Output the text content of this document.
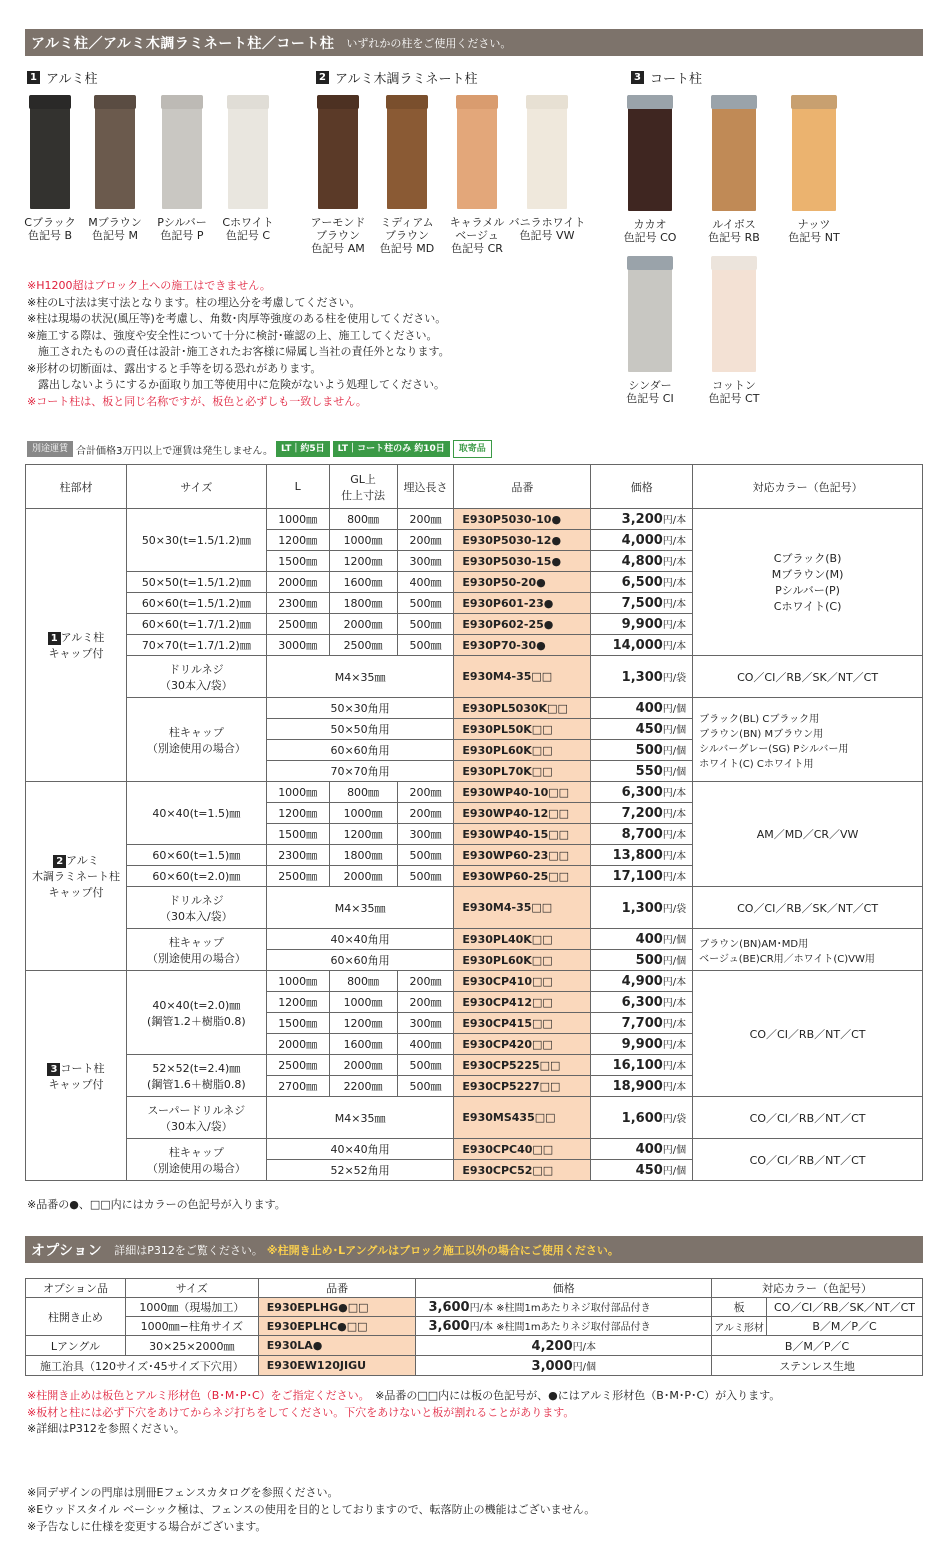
アルミ柱／アルミ木調ラミネート柱／コート柱 いずれかの柱をご使用ください。
1 アルミ柱	2 アルミ木調ラミネート柱	3 コート柱
Cブラック
色記号 B
Mブラウン
色記号 M
Pシルバー
色記号 P
Cホワイト
色記号 C
アーモンド
ブラウン
色記号 AM
ミディアム
ブラウン
色記号 MD
キャラメル
ベージュ
色記号 CR
バニラホワイト
色記号 VW
カカオ
色記号 CO
ルイボス
色記号 RB
ナッツ
色記号 NT
シンダー
色記号 CI
コットン
色記号 CT
※H1200超はブロック上への施工はできません。
※柱のL寸法は実寸法となります。柱の埋込分を考慮してください。
※柱は現場の状況(風圧等)を考慮し、角数･肉厚等強度のある柱を使用してください。
※施工する際は、強度や安全性について十分に検討･確認の上、施工してください。
　施工されたものの責任は設計･施工されたお客様に帰属し当社の責任外となります。
※形材の切断面は、露出すると手等を切る恐れがあります。
　露出しないようにするか面取り加工等使用中に危険がないよう処理してください。
※コート柱は、板と同じ名称ですが、板色と必ずしも一致しません。
別途運賃 合計価格3万円以上で運賃は発生しません。 LT｜約5日	LT｜コート柱のみ 約10日	取寄品
柱部材	サイズ	L	GL上
仕上寸法	埋込長さ	品番	価格	対応カラー（色記号）
1 アルミ柱
キャップ付	50×30(t=1.5/1.2)㎜	1000㎜	800㎜	200㎜	E930P5030-10●	3,200円/本	Cブラック(B)
Mブラウン(M)
Pシルバー(P)
Cホワイト(C)
		1200㎜	1000㎜	200㎜	E930P5030-12●	4,000円/本	
		1500㎜	1200㎜	300㎜	E930P5030-15●	4,800円/本	
	50×50(t=1.5/1.2)㎜	2000㎜	1600㎜	400㎜	E930P50-20●	6,500円/本	
	60×60(t=1.5/1.2)㎜	2300㎜	1800㎜	500㎜	E930P601-23●	7,500円/本	
	60×60(t=1.7/1.2)㎜	2500㎜	2000㎜	500㎜	E930P602-25●	9,900円/本	
	70×70(t=1.7/1.2)㎜	3000㎜	2500㎜	500㎜	E930P70-30●	14,000円/本	
	ドリルネジ
（30本入/袋）	M4×35㎜			E930M4-35□□	1,300円/袋	CO／CI／RB／SK／NT／CT
	柱キャップ
（別途使用の場合）	50×30角用			E930PL5030K□□	400円/個	ブラック(BL) Cブラック用
ブラウン(BN) Mブラウン用
シルバーグレー(SG) Pシルバー用
ホワイト(C) Cホワイト用
		50×50角用			E930PL50K□□	450円/個	
		60×60角用			E930PL60K□□	500円/個	
		70×70角用			E930PL70K□□	550円/個	
2 アルミ
木調ラミネート柱
キャップ付	40×40(t=1.5)㎜	1000㎜	800㎜	200㎜	E930WP40-10□□	6,300円/本	AM／MD／CR／VW
		1200㎜	1000㎜	200㎜	E930WP40-12□□	7,200円/本	
		1500㎜	1200㎜	300㎜	E930WP40-15□□	8,700円/本	
	60×60(t=1.5)㎜	2300㎜	1800㎜	500㎜	E930WP60-23□□	13,800円/本	
	60×60(t=2.0)㎜	2500㎜	2000㎜	500㎜	E930WP60-25□□	17,100円/本	
	ドリルネジ
（30本入/袋）	M4×35㎜			E930M4-35□□	1,300円/袋	CO／CI／RB／SK／NT／CT
	柱キャップ
（別途使用の場合）	40×40角用			E930PL40K□□	400円/個	ブラウン(BN)AM･MD用
ベージュ(BE)CR用／ホワイト(C)VW用
		60×60角用			E930PL60K□□	500円/個	
3 コート柱
キャップ付	40×40(t=2.0)㎜
(鋼管1.2＋樹脂0.8)	1000㎜	800㎜	200㎜	E930CP410□□	4,900円/本	CO／CI／RB／NT／CT
		1200㎜	1000㎜	200㎜	E930CP412□□	6,300円/本	
		1500㎜	1200㎜	300㎜	E930CP415□□	7,700円/本	
		2000㎜	1600㎜	400㎜	E930CP420□□	9,900円/本	
	52×52(t=2.4)㎜
(鋼管1.6＋樹脂0.8)	2500㎜	2000㎜	500㎜	E930CP5225□□	16,100円/本	
		2700㎜	2200㎜	500㎜	E930CP5227□□	18,900円/本	
	スーパードリルネジ
（30本入/袋）	M4×35㎜			E930MS435□□	1,600円/袋	CO／CI／RB／NT／CT
	柱キャップ
（別途使用の場合）	40×40角用			E930CPC40□□	400円/個	CO／CI／RB／NT／CT
		52×52角用			E930CPC52□□	450円/個	
※品番の●、□□内にはカラーの色記号が入ります。
オプション 詳細はP312をご覧ください。 ※柱開き止め･Lアングルはブロック施工以外の場合にご使用ください。
オプション品	サイズ	品番	価格	対応カラー（色記号）	
柱開き止め	1000㎜（現場加工）	E930EPLHG●□□	3,600円/本 ※柱間1mあたりネジ取付部品付き	板	CO／CI／RB／SK／NT／CT
	1000㎜−柱角サイズ	E930EPLHC●□□	3,600円/本 ※柱間1mあたりネジ取付部品付き	アルミ形材	B／M／P／C
Lアングル	30×25×2000㎜	E930LA●	4,200円/本	B／M／P／C	
施工治具（120サイズ･45サイズ下穴用）		E930EW120JIGU	3,000円/個	ステンレス生地	
※柱開き止めは板色とアルミ形材色（B･M･P･C）をご指定ください。　※品番の□□内には板の色記号が、●にはアルミ形材色（B･M･P･C）が入ります。
※板材と柱には必ず下穴をあけてからネジ打ちをしてください。下穴をあけないと板が割れることがあります。
※詳細はP312を参照ください。
※同デザインの門扉は別冊Eフェンスカタログを参照ください。
※Eウッドスタイル ベーシック極は、フェンスの使用を目的としておりますので、転落防止の機能はございません。
※予告なしに仕様を変更する場合がございます。
